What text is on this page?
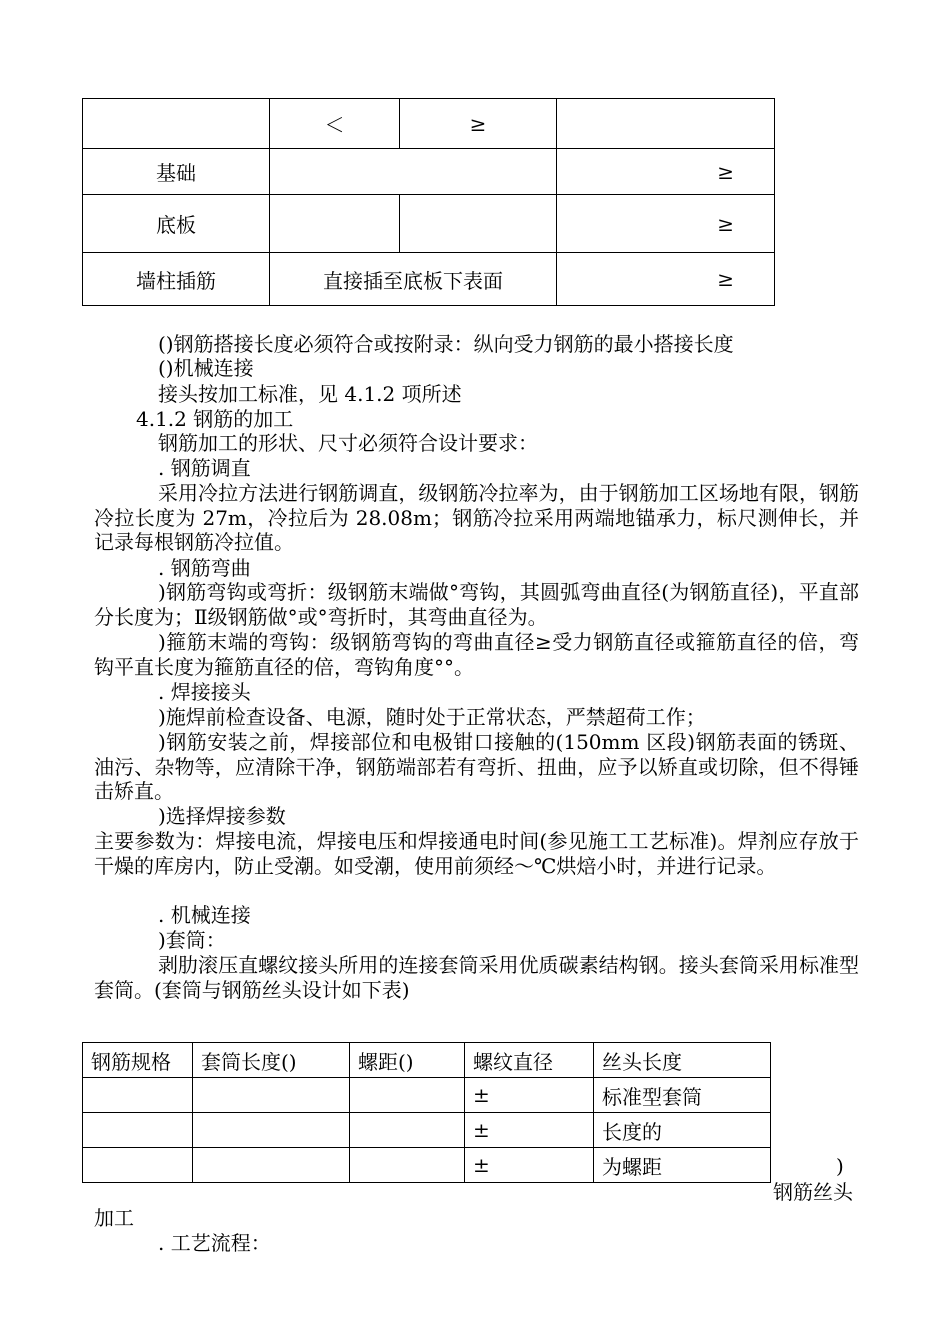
	＜	≥	
基础			≥
底板			≥
墙柱插筋	直接插至底板下表面		≥
()钢筋搭接长度必须符合或按附录：纵向受力钢筋的最小搭接长度
()机械连接
接头按加工标准，见 4.1.2 项所述
4.1.2 钢筋的加工
钢筋加工的形状、尺寸必须符合设计要求：
. 钢筋调直
采用冷拉方法进行钢筋调直，级钢筋冷拉率为，由于钢筋加工区场地有限，钢筋冷拉长度为 27m，冷拉后为 28.08m；钢筋冷拉采用两端地锚承力，标尺测伸长，并记录每根钢筋冷拉值。
. 钢筋弯曲
)钢筋弯钩或弯折：级钢筋末端做°弯钩，其圆弧弯曲直径(为钢筋直径)，平直部分长度为；Ⅱ级钢筋做°或°弯折时，其弯曲直径为。
)箍筋末端的弯钩：级钢筋弯钩的弯曲直径≥受力钢筋直径或箍筋直径的倍，弯钩平直长度为箍筋直径的倍，弯钩角度°°。
. 焊接接头
)施焊前检查设备、电源，随时处于正常状态，严禁超荷工作；
)钢筋安装之前，焊接部位和电极钳口接触的(150mm 区段)钢筋表面的锈斑、油污、杂物等，应清除干净，钢筋端部若有弯折、扭曲，应予以矫直或切除，但不得锤击矫直。
)选择焊接参数
主要参数为：焊接电流，焊接电压和焊接通电时间(参见施工工艺标准)。焊剂应存放于干燥的库房内，防止受潮。如受潮，使用前须经～℃烘焙小时，并进行记录。
. 机械连接
)套筒：
剥肋滚压直螺纹接头所用的连接套筒采用优质碳素结构钢。接头套筒采用标准型套筒。(套筒与钢筋丝头设计如下表)
钢筋规格	套筒长度()	螺距()	螺纹直径	丝头长度
			±	标准型套筒
			±	长度的
			±	为螺距	)
钢筋丝头
加工
. 工艺流程：
